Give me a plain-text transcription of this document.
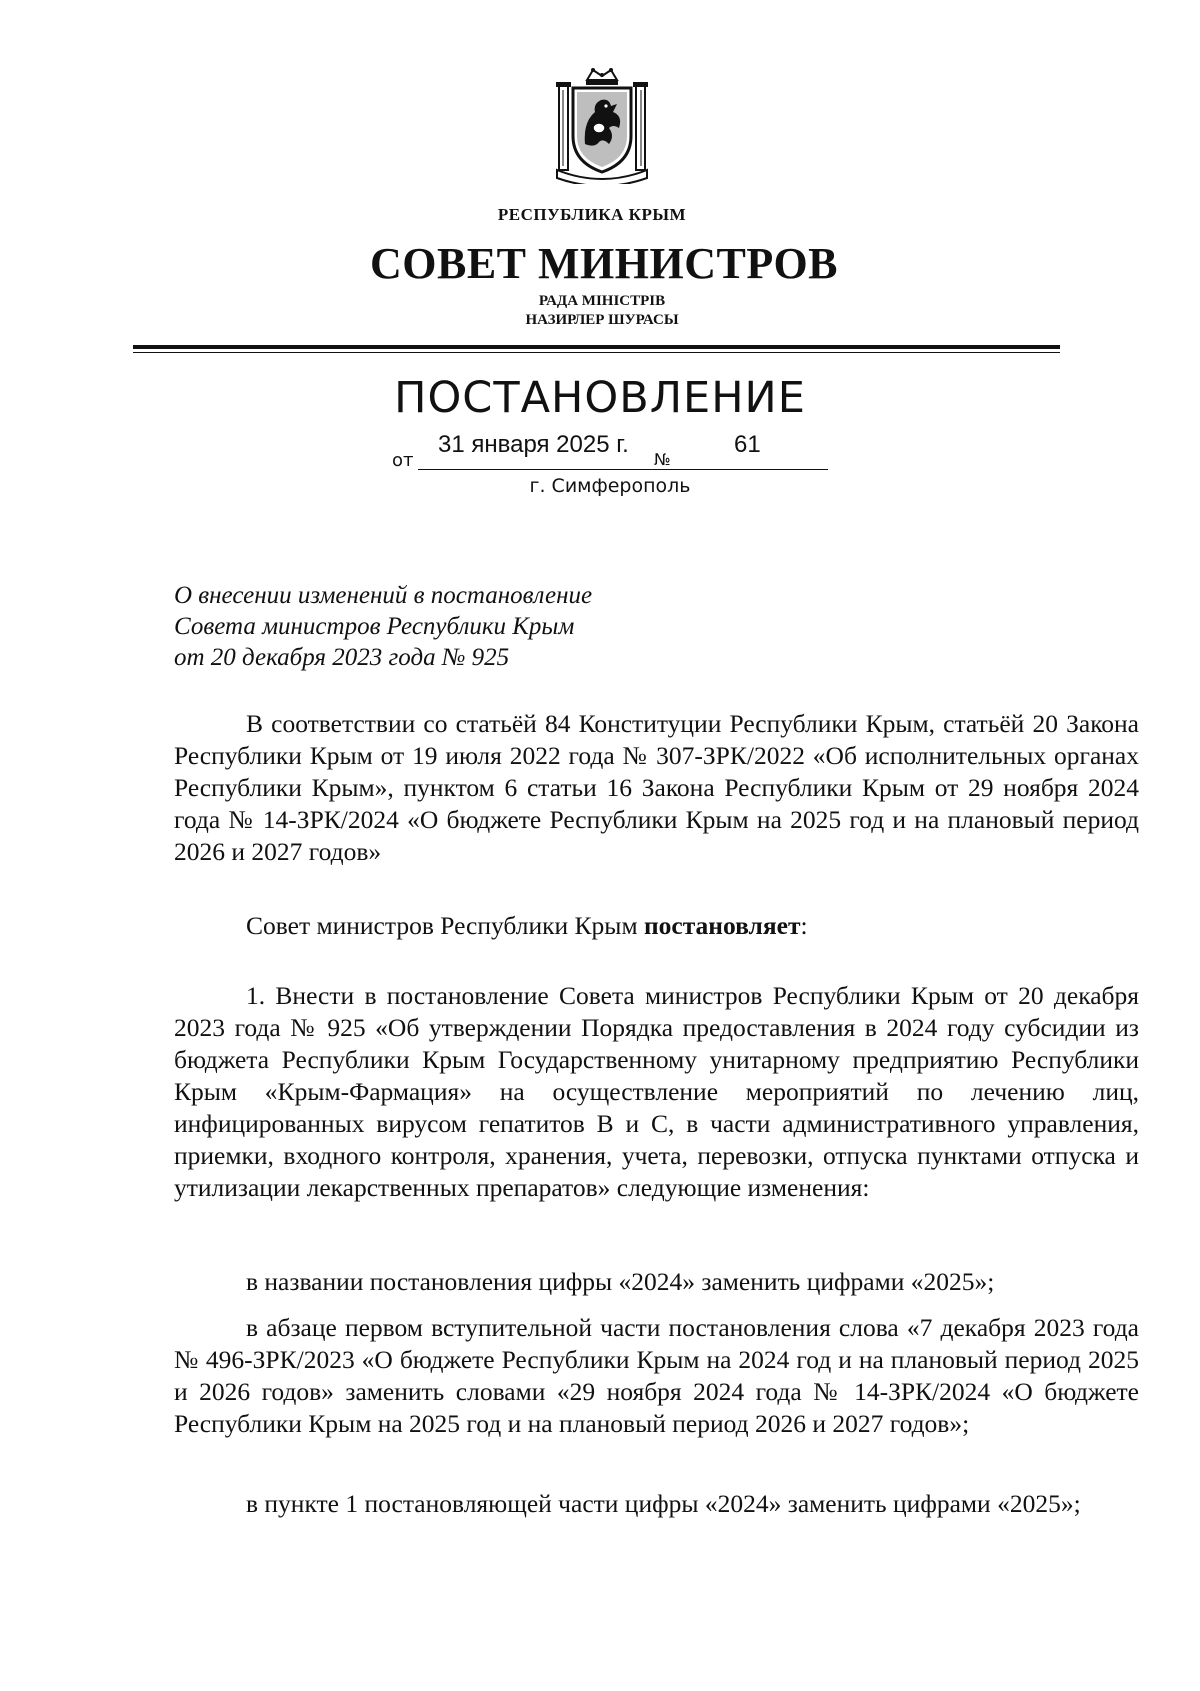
РЕСПУБЛИКА КРЫМ
СОВЕТ МИНИСТРОВ
РАДА МІНІСТРІВ
НАЗИРЛЕР ШУРАСЫ
ПОСТАНОВЛЕНИЕ
от
31 января 2025 г.
№
61
г. Симферополь
О внесении изменений в постановление
Совета министров Республики Крым
от 20 декабря 2023 года № 925

В соответствии со статьёй 84 Конституции Республики Крым, статьёй 20 Закона Республики Крым от 19 июля 2022 года № 307-ЗРК/2022 «Об исполнительных органах Республики Крым», пунктом 6 статьи 16 Закона Республики Крым от 29 ноября 2024 года № 14-ЗРК/2024 «О бюджете Республики Крым на 2025 год и на плановый период 2026 и 2027 годов»

Совет министров Республики Крым постановляет:

1. Внести в постановление Совета министров Республики Крым от 20 декабря 2023 года № 925 «Об утверждении Порядка предоставления в 2024 году субсидии из бюджета Республики Крым Государственному унитарному предприятию Республики Крым «Крым-Фармация» на осуществление мероприятий по лечению лиц, инфицированных вирусом гепатитов В и С, в части административного управления, приемки, входного контроля, хранения, учета, перевозки, отпуска пунктами отпуска и утилизации лекарственных препаратов» следующие изменения:

в названии постановления цифры «2024» заменить цифрами «2025»;

в абзаце первом вступительной части постановления слова «7 декабря 2023 года № 496-ЗРК/2023 «О бюджете Республики Крым на 2024 год и на плановый период 2025 и 2026 годов» заменить словами «29 ноября 2024 года № 14-ЗРК/2024 «О бюджете Республики Крым на 2025 год и на плановый период 2026 и 2027 годов»;

в пункте 1 постановляющей части цифры «2024» заменить цифрами «2025»;
